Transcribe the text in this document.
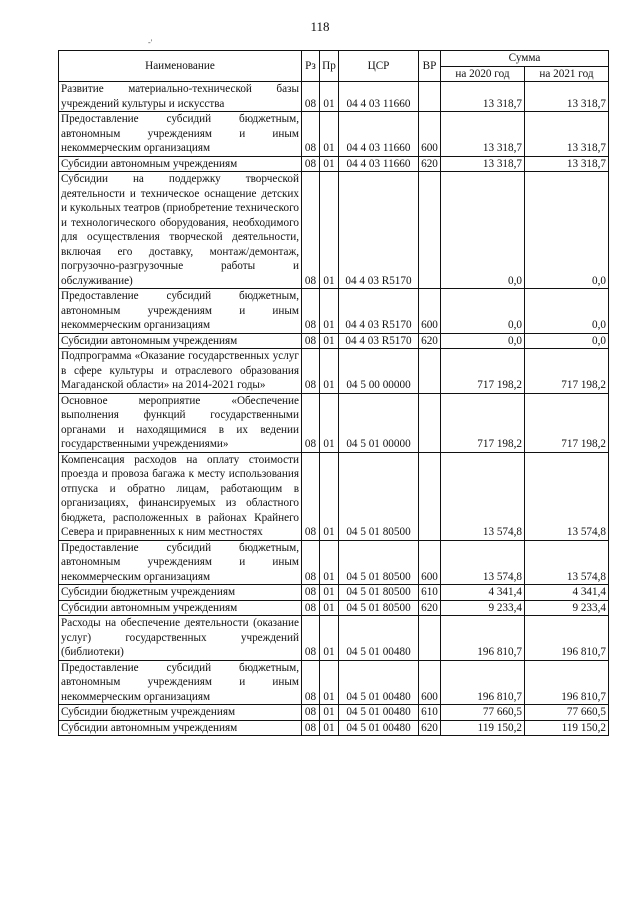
118
-'
Наименование	Рз	Пр	ЦСР	ВР	Сумма	
					на 2020 год	на 2021 год
Развитие материально-технической базы учреждений культуры и искусства	08	01	04 4 03 11660		13 318,7	13 318,7
Предоставление субсидий бюджетным, автономным учреждениям и иным некоммерческим организациям	08	01	04 4 03 11660	600	13 318,7	13 318,7
Субсидии автономным учреждениям	08	01	04 4 03 11660	620	13 318,7	13 318,7
Субсидии на поддержку творческой деятельности и техническое оснащение детских и кукольных театров (приобретение технического и технологического оборудования, необходимого для осуществления творческой деятельности, включая его доставку, монтаж/демонтаж, погрузочно-разгрузочные работы и обслуживание)	08	01	04 4 03 R5170		0,0	0,0
Предоставление субсидий бюджетным, автономным учреждениям и иным некоммерческим организациям	08	01	04 4 03 R5170	600	0,0	0,0
Субсидии автономным учреждениям	08	01	04 4 03 R5170	620	0,0	0,0
Подпрограмма «Оказание государственных услуг в сфере культуры и отраслевого образования Магаданской области» на 2014-2021 годы»	08	01	04 5 00 00000		717 198,2	717 198,2
Основное мероприятие «Обеспечение выполнения функций государственными органами и находящимися в их ведении государственными учреждениями»	08	01	04 5 01 00000		717 198,2	717 198,2
Компенсация расходов на оплату стоимости проезда и провоза багажа к месту использования отпуска и обратно лицам, работающим в организациях, финансируемых из областного бюджета, расположенных в районах Крайнего Севера и приравненных к ним местностях	08	01	04 5 01 80500		13 574,8	13 574,8
Предоставление субсидий бюджетным, автономным учреждениям и иным некоммерческим организациям	08	01	04 5 01 80500	600	13 574,8	13 574,8
Субсидии бюджетным учреждениям	08	01	04 5 01 80500	610	4 341,4	4 341,4
Субсидии автономным учреждениям	08	01	04 5 01 80500	620	9 233,4	9 233,4
Расходы на обеспечение деятельности (оказание услуг) государственных учреждений (библиотеки)	08	01	04 5 01 00480		196 810,7	196 810,7
Предоставление субсидий бюджетным, автономным учреждениям и иным некоммерческим организациям	08	01	04 5 01 00480	600	196 810,7	196 810,7
Субсидии бюджетным учреждениям	08	01	04 5 01 00480	610	77 660,5	77 660,5
Субсидии автономным учреждениям	08	01	04 5 01 00480	620	119 150,2	119 150,2
